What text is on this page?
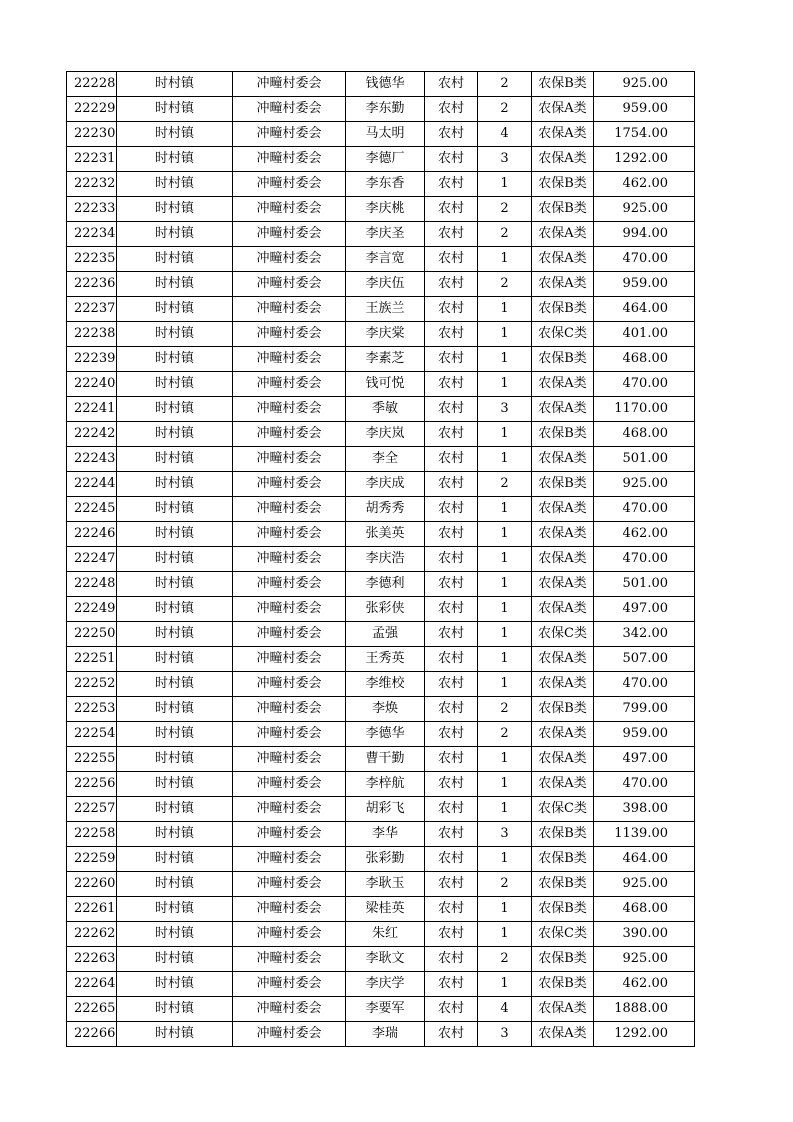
22228	时村镇	冲疃村委会	钱德华	农村	2	农保B类	925.00
22229	时村镇	冲疃村委会	李东勤	农村	2	农保A类	959.00
22230	时村镇	冲疃村委会	马太明	农村	4	农保A类	1754.00
22231	时村镇	冲疃村委会	李德厂	农村	3	农保A类	1292.00
22232	时村镇	冲疃村委会	李东香	农村	1	农保B类	462.00
22233	时村镇	冲疃村委会	李庆桃	农村	2	农保B类	925.00
22234	时村镇	冲疃村委会	李庆圣	农村	2	农保A类	994.00
22235	时村镇	冲疃村委会	李言宽	农村	1	农保A类	470.00
22236	时村镇	冲疃村委会	李庆伍	农村	2	农保A类	959.00
22237	时村镇	冲疃村委会	王族兰	农村	1	农保B类	464.00
22238	时村镇	冲疃村委会	李庆棠	农村	1	农保C类	401.00
22239	时村镇	冲疃村委会	李素芝	农村	1	农保B类	468.00
22240	时村镇	冲疃村委会	钱可悦	农村	1	农保A类	470.00
22241	时村镇	冲疃村委会	季敏	农村	3	农保A类	1170.00
22242	时村镇	冲疃村委会	李庆岚	农村	1	农保B类	468.00
22243	时村镇	冲疃村委会	李全	农村	1	农保A类	501.00
22244	时村镇	冲疃村委会	李庆成	农村	2	农保B类	925.00
22245	时村镇	冲疃村委会	胡秀秀	农村	1	农保A类	470.00
22246	时村镇	冲疃村委会	张美英	农村	1	农保A类	462.00
22247	时村镇	冲疃村委会	李庆浩	农村	1	农保A类	470.00
22248	时村镇	冲疃村委会	李德利	农村	1	农保A类	501.00
22249	时村镇	冲疃村委会	张彩侠	农村	1	农保A类	497.00
22250	时村镇	冲疃村委会	孟强	农村	1	农保C类	342.00
22251	时村镇	冲疃村委会	王秀英	农村	1	农保A类	507.00
22252	时村镇	冲疃村委会	李维校	农村	1	农保A类	470.00
22253	时村镇	冲疃村委会	李焕	农村	2	农保B类	799.00
22254	时村镇	冲疃村委会	李德华	农村	2	农保A类	959.00
22255	时村镇	冲疃村委会	曹干勤	农村	1	农保A类	497.00
22256	时村镇	冲疃村委会	李梓航	农村	1	农保A类	470.00
22257	时村镇	冲疃村委会	胡彩飞	农村	1	农保C类	398.00
22258	时村镇	冲疃村委会	李华	农村	3	农保B类	1139.00
22259	时村镇	冲疃村委会	张彩勤	农村	1	农保B类	464.00
22260	时村镇	冲疃村委会	李耿玉	农村	2	农保B类	925.00
22261	时村镇	冲疃村委会	梁桂英	农村	1	农保B类	468.00
22262	时村镇	冲疃村委会	朱红	农村	1	农保C类	390.00
22263	时村镇	冲疃村委会	李耿文	农村	2	农保B类	925.00
22264	时村镇	冲疃村委会	李庆学	农村	1	农保B类	462.00
22265	时村镇	冲疃村委会	李要军	农村	4	农保A类	1888.00
22266	时村镇	冲疃村委会	李瑞	农村	3	农保A类	1292.00
